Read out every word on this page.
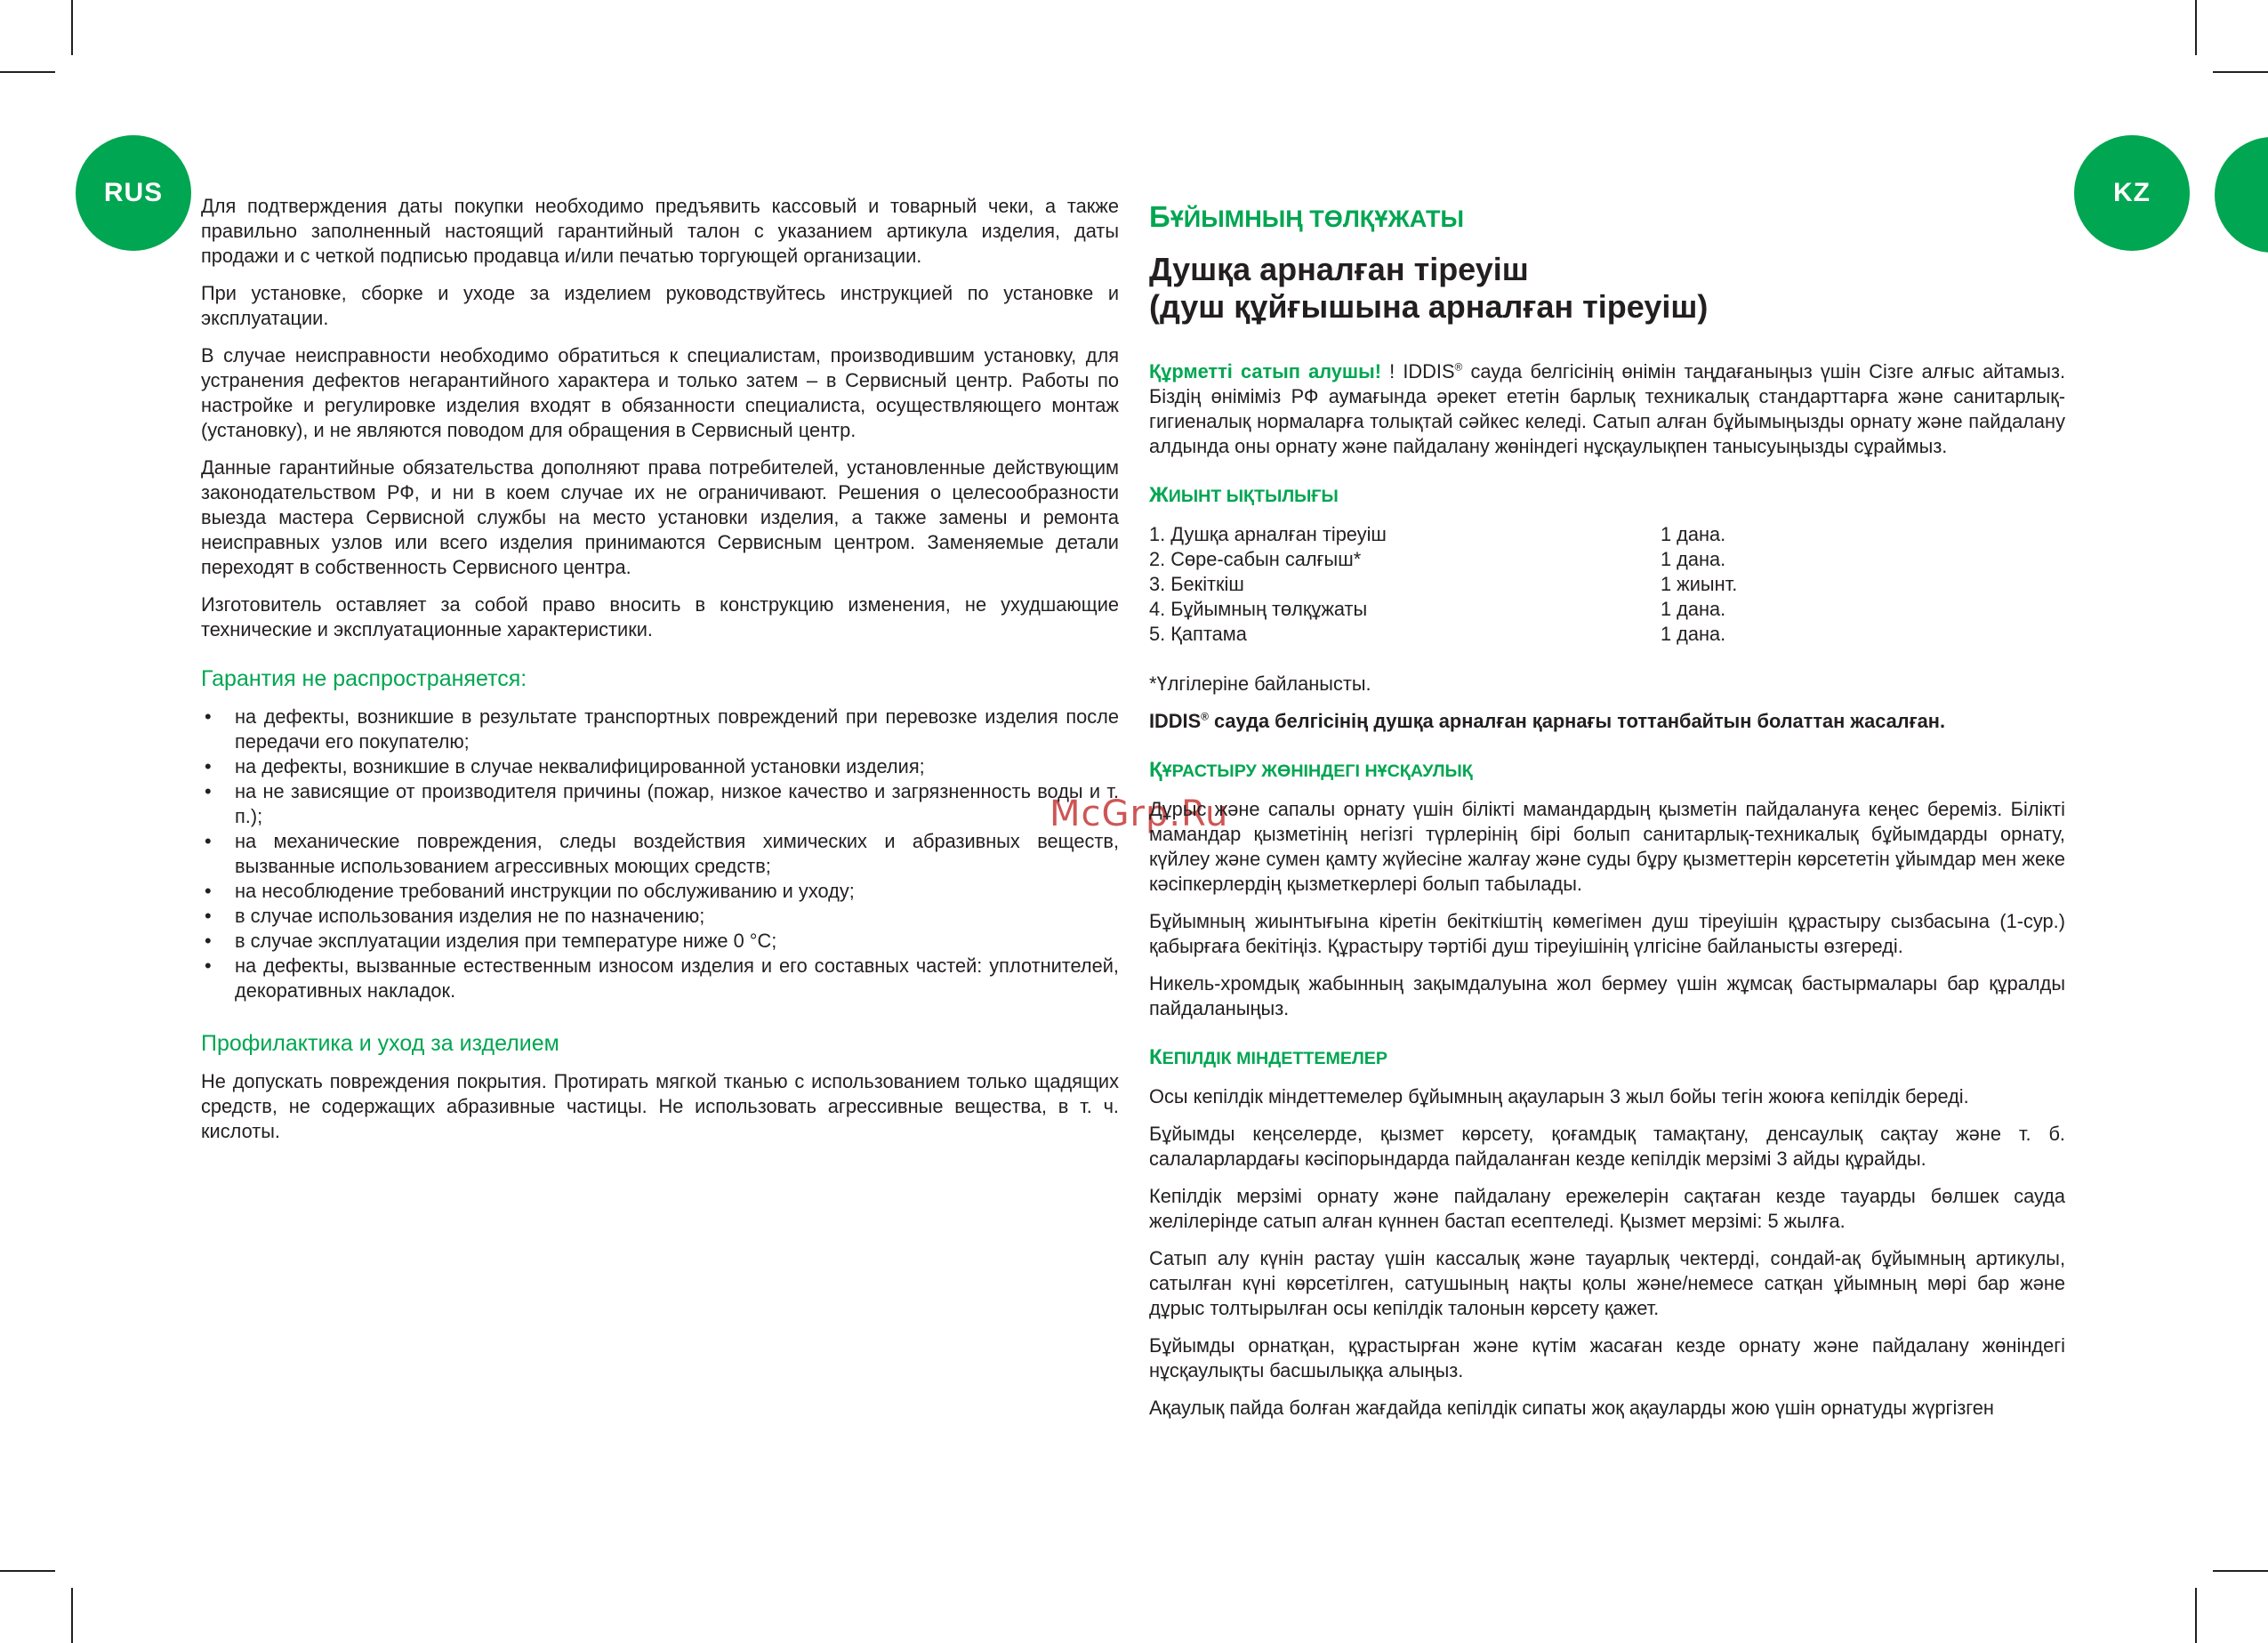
RUS	KZ
McGrp.Ru

Для подтверждения даты покупки необходимо предъявить кассовый и товарный чеки, а также правильно заполненный настоящий гарантийный талон с указанием артикула изделия, даты продажи и с четкой подписью продавца и/или печатью торгующей организации.

При установке, сборке и уходе за изделием руководствуйтесь инструкцией по установке и эксплуатации.

В случае неисправности необходимо обратиться к специалистам, производившим установку, для устранения дефектов негарантийного характера и только затем – в Сервисный центр. Работы по настройке и регулировке изделия входят в обязанности специалиста, осуществляющего монтаж (установку), и не являются поводом для обращения в Сервисный центр.

Данные гарантийные обязательства дополняют права потребителей, установленные действующим законодательством РФ, и ни в коем случае их не ограничивают. Решения о целесообразности выезда мастера Сервисной службы на место установки изделия, а также замены и ремонта неисправных узлов или всего изделия принимаются Сервисным центром. Заменяемые детали переходят в собственность Сервисного центра.

Изготовитель оставляет за собой право вносить в конструкцию изменения, не ухудшающие технические и эксплуатационные характеристики.

Гарантия не распространяется:
• на дефекты, возникшие в результате транспортных повреждений при перевозке изделия после передачи его покупателю;
• на дефекты, возникшие в случае неквалифицированной установки изделия;
• на не зависящие от производителя причины (пожар, низкое качество и загрязненность воды и т. п.);
• на механические повреждения, следы воздействия химических и абразивных веществ, вызванные использованием агрессивных моющих средств;
• на несоблюдение требований инструкции по обслуживанию и уходу;
• в случае использования изделия не по назначению;
• в случае эксплуатации изделия при температуре ниже 0 °С;
• на дефекты, вызванные естественным износом изделия и его составных частей: уплотнителей, декоративных накладок.
Профилактика и уход за изделием

Не допускать повреждения покрытия. Протирать мягкой тканью с использованием только щадящих средств, не содержащих абразивные частицы. Не использовать агрессивные вещества, в т. ч. кислоты.

БҰЙЫМНЫҢ ТӨЛҚҰЖАТЫ
Душқа арналған тіреуіш
(душ құйғышына арналған тіреуіш)

Құрметті сатып алушы! ! IDDIS® сауда белгісінің өнімін таңдағаныңыз үшін Сізге алғыс айтамыз. Біздің өніміміз РФ аумағында әрекет ететін барлық техникалық стандарттарға және санитарлық-гигиеналық нормаларға толықтай сәйкес келеді. Сатып алған бұйымыңызды орнату және пайдалану алдында оны орнату және пайдалану жөніндегі нұсқаулықпен танысуыңызды сұраймыз.

ЖИЫНТ ЫҚТЫЛЫҒЫ
1. Душқа арналған тіреуіш	1 дана.
2. Сөре-сабын салғыш*	1 дана.
3. Бекіткіш	1 жиынт.
4. Бұйымның төлқұжаты	1 дана.
5. Қаптама	1 дана.

*Үлгілеріне байланысты.

IDDIS® сауда белгісінің душқа арналған қарнағы тоттанбайтын болаттан жасалған.

ҚҰРАСТЫРУ ЖӨНІНДЕГІ НҰСҚАУЛЫҚ

Дұрыс және сапалы орнату үшін білікті мамандардың қызметін пайдалануға кеңес береміз. Білікті мамандар қызметінің негізгі түрлерінің бірі болып санитарлық-техникалық бұйымдарды орнату, күйлеу және сумен қамту жүйесіне жалғау және суды бұру қызметтерін көрсететін ұйымдар мен жеке кәсіпкерлердің қызметкерлері болып табылады.

Бұйымның жиынтығына кіретін бекіткіштің көмегімен душ тіреуішін құрастыру сызбасына (1-сур.) қабырғаға бекітіңіз. Құрастыру тәртібі душ тіреуішінің үлгісіне байланысты өзгереді.

Никель-хромдық жабынның зақымдалуына жол бермеу үшін жұмсақ бастырмалары бар құралды пайдаланыңыз.

КЕПІЛДІК МІНДЕТТЕМЕЛЕР

Осы кепілдік міндеттемелер бұйымның ақауларын 3 жыл бойы тегін жоюға кепілдік береді.

Бұйымды кеңселерде, қызмет көрсету, қоғамдық тамақтану, денсаулық сақтау және т. б. салаларлардағы кәсіпорындарда пайдаланған кезде кепілдік мерзімі 3 айды құрайды.

Кепілдік мерзімі орнату және пайдалану ережелерін сақтаған кезде тауарды бөлшек сауда желілерінде сатып алған күннен бастап есептеледі. Қызмет мерзімі: 5 жылға.

Сатып алу күнін растау үшін кассалық және тауарлық чектерді, сондай-ақ бұйымның артикулы, сатылған күні көрсетілген, сатушының нақты қолы және/немесе сатқан ұйымның мөрі бар және дұрыс толтырылған осы кепілдік талонын көрсету қажет.

Бұйымды орнатқан, құрастырған және күтім жасаған кезде орнату және пайдалану жөніндегі нұсқаулықты басшылыққа алыңыз.

Ақаулық пайда болған жағдайда кепілдік сипаты жоқ ақауларды жою үшін орнатуды жүргізген
